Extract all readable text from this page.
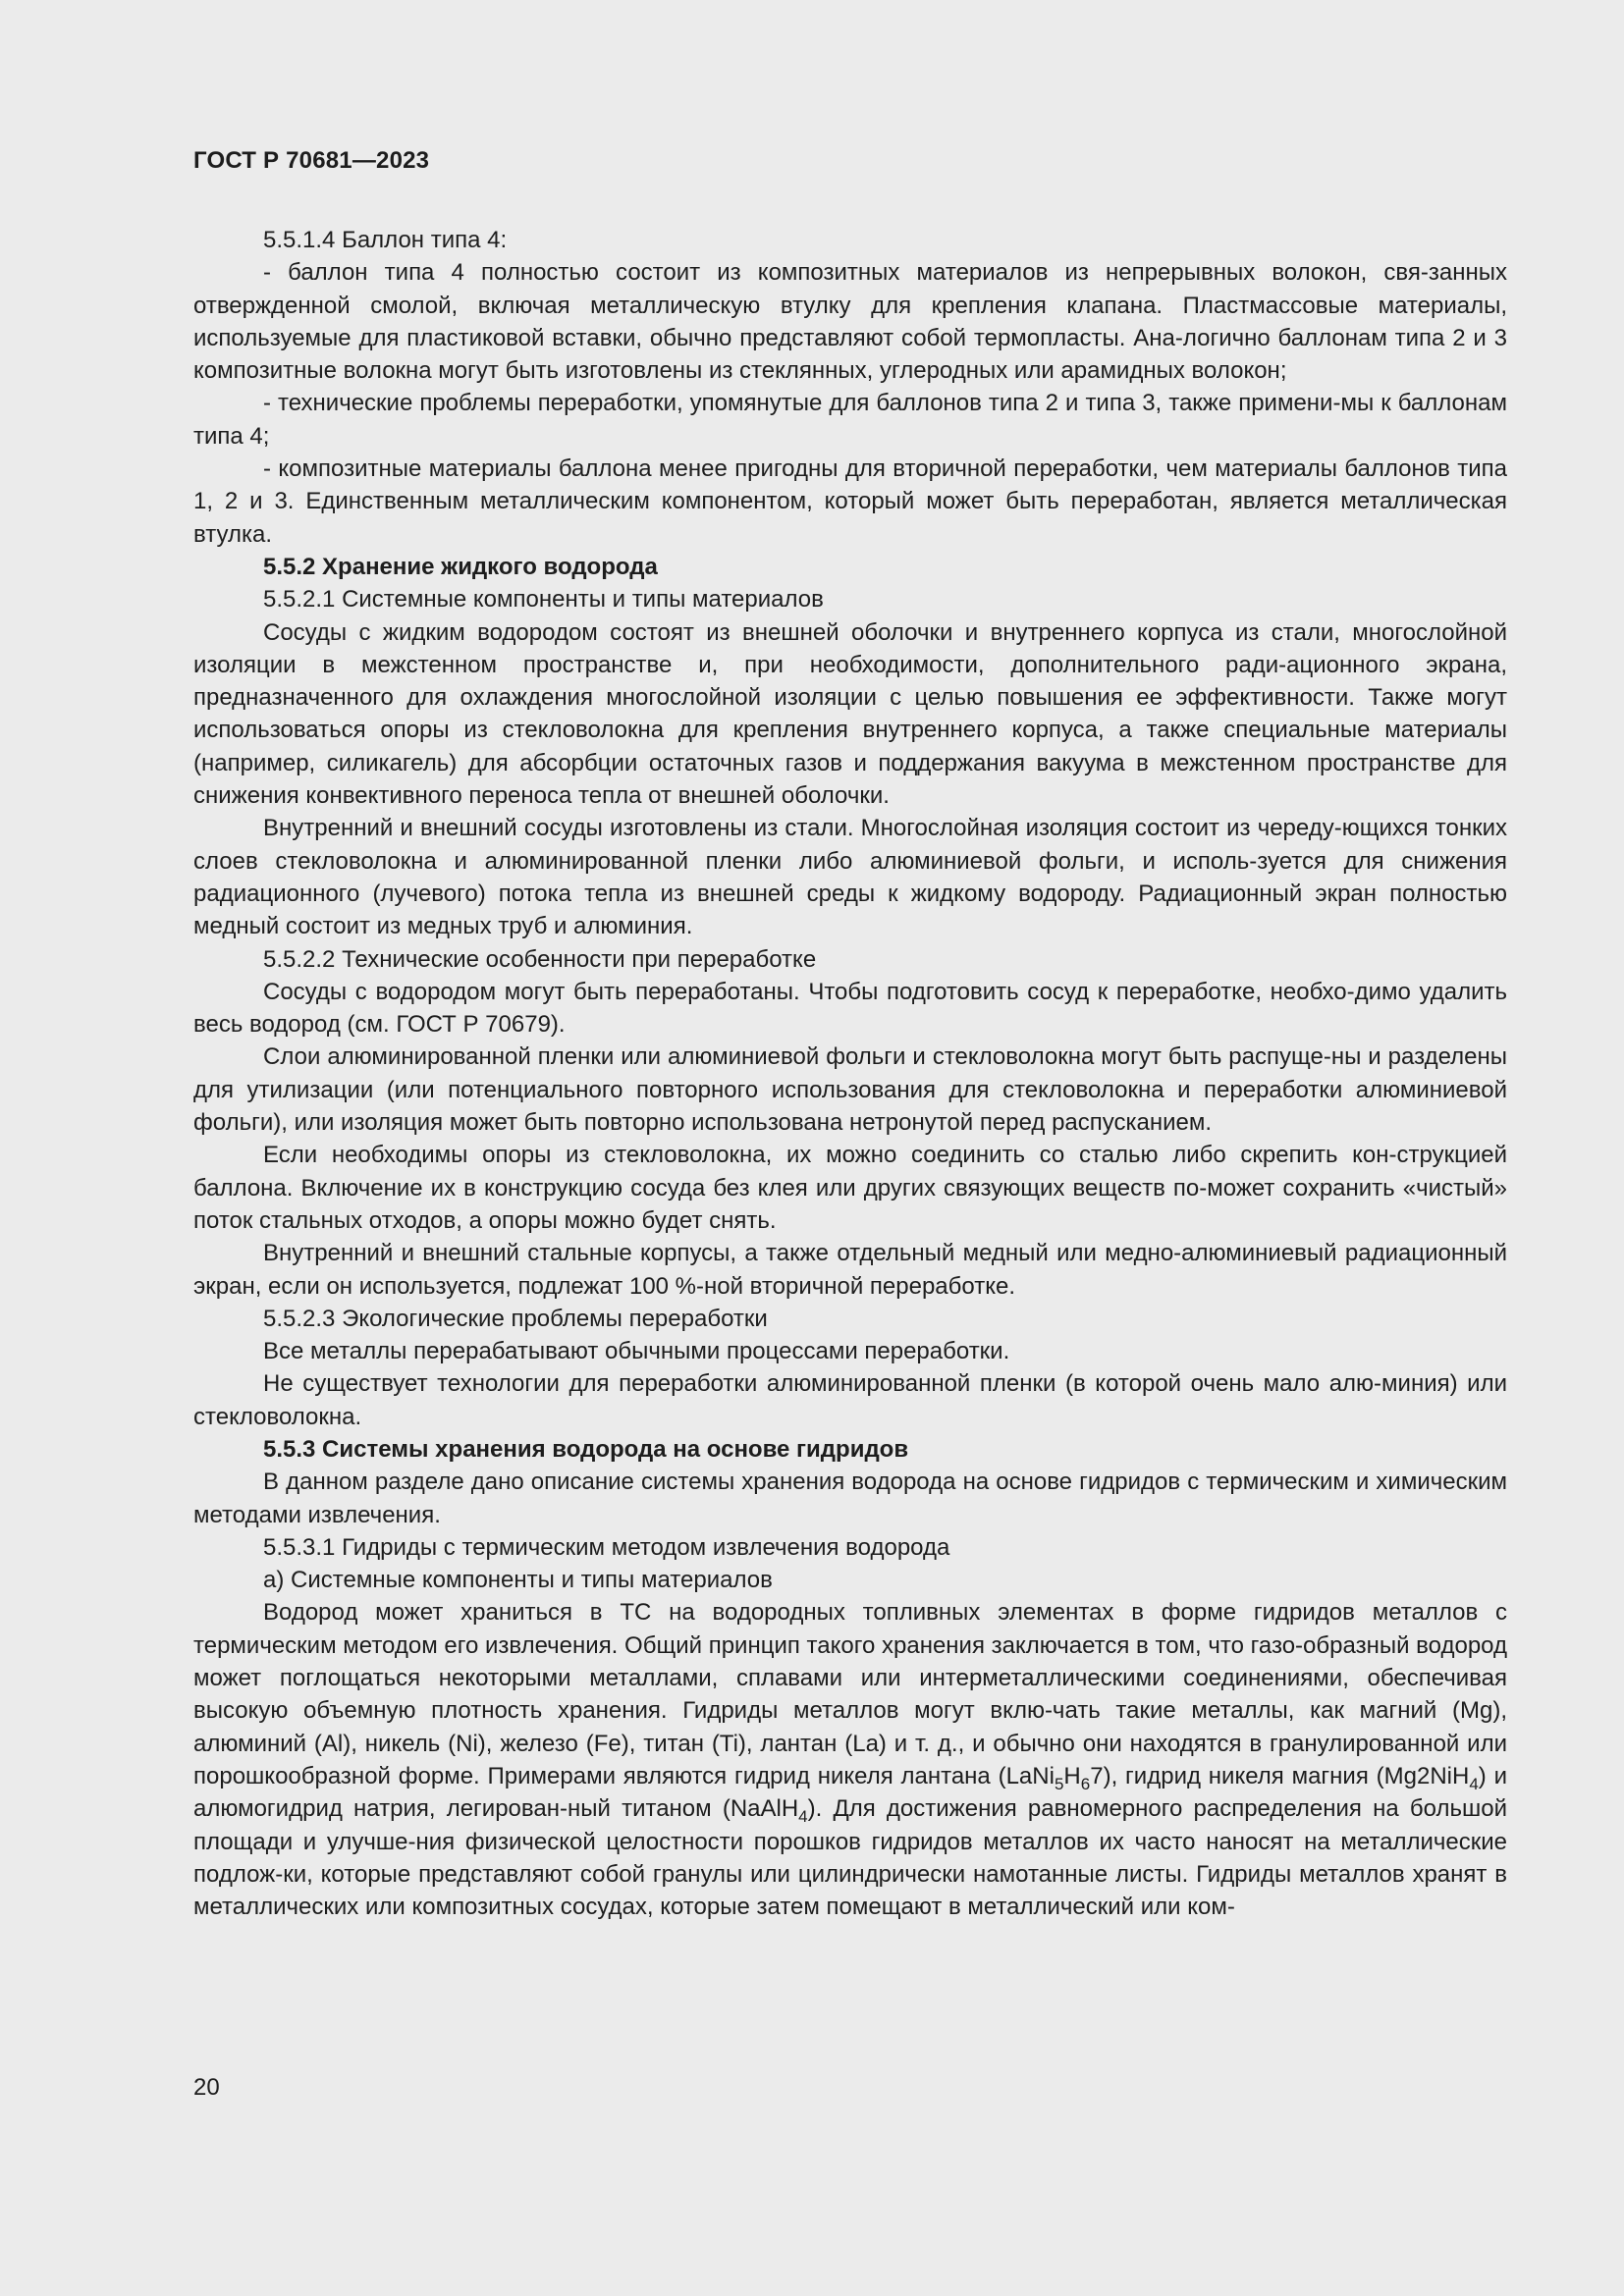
ГОСТ Р 70681—2023

5.5.1.4 Баллон типа 4:

- баллон типа 4 полностью состоит из композитных материалов из непрерывных волокон, свя-занных отвержденной смолой, включая металлическую втулку для крепления клапана. Пластмассовые материалы, используемые для пластиковой вставки, обычно представляют собой термопласты. Ана-логично баллонам типа 2 и 3 композитные волокна могут быть изготовлены из стеклянных, углеродных или арамидных волокон;

- технические проблемы переработки, упомянутые для баллонов типа 2 и типа 3, также примени-мы к баллонам типа 4;

- композитные материалы баллона менее пригодны для вторичной переработки, чем материалы баллонов типа 1, 2 и 3. Единственным металлическим компонентом, который может быть переработан, является металлическая втулка.

5.5.2 Хранение жидкого водорода

5.5.2.1 Системные компоненты и типы материалов

Сосуды с жидким водородом состоят из внешней оболочки и внутреннего корпуса из стали, многослойной изоляции в межстенном пространстве и, при необходимости, дополнительного ради-ационного экрана, предназначенного для охлаждения многослойной изоляции с целью повышения ее эффективности. Также могут использоваться опоры из стекловолокна для крепления внутреннего корпуса, а также специальные материалы (например, силикагель) для абсорбции остаточных газов и поддержания вакуума в межстенном пространстве для снижения конвективного переноса тепла от внешней оболочки.

Внутренний и внешний сосуды изготовлены из стали. Многослойная изоляция состоит из череду-ющихся тонких слоев стекловолокна и алюминированной пленки либо алюминиевой фольги, и исполь-зуется для снижения радиационного (лучевого) потока тепла из внешней среды к жидкому водороду. Радиационный экран полностью медный состоит из медных труб и алюминия.

5.5.2.2 Технические особенности при переработке

Сосуды с водородом могут быть переработаны. Чтобы подготовить сосуд к переработке, необхо-димо удалить весь водород (см. ГОСТ Р 70679).

Слои алюминированной пленки или алюминиевой фольги и стекловолокна могут быть распуще-ны и разделены для утилизации (или потенциального повторного использования для стекловолокна и переработки алюминиевой фольги), или изоляция может быть повторно использована нетронутой перед распусканием.

Если необходимы опоры из стекловолокна, их можно соединить со сталью либо скрепить кон-струкцией баллона. Включение их в конструкцию сосуда без клея или других связующих веществ по-может сохранить «чистый» поток стальных отходов, а опоры можно будет снять.

Внутренний и внешний стальные корпусы, а также отдельный медный или медно-алюминиевый радиационный экран, если он используется, подлежат 100 %-ной вторичной переработке.

5.5.2.3 Экологические проблемы переработки

Все металлы перерабатывают обычными процессами переработки.

Не существует технологии для переработки алюминированной пленки (в которой очень мало алю-миния) или стекловолокна.

5.5.3 Системы хранения водорода на основе гидридов

В данном разделе дано описание системы хранения водорода на основе гидридов с термическим и химическим методами извлечения.

5.5.3.1 Гидриды с термическим методом извлечения водорода

а) Системные компоненты и типы материалов

Водород может храниться в ТС на водородных топливных элементах в форме гидридов металлов с термическим методом его извлечения. Общий принцип такого хранения заключается в том, что газо-образный водород может поглощаться некоторыми металлами, сплавами или интерметаллическими соединениями, обеспечивая высокую объемную плотность хранения. Гидриды металлов могут вклю-чать такие металлы, как магний (Mg), алюминий (Al), никель (Ni), железо (Fe), титан (Ti), лантан (La) и т. д., и обычно они находятся в гранулированной или порошкообразной форме. Примерами являются гидрид никеля лантана $(LaNi_5H_67)$, гидрид никеля магния (Mg2NiH$_4$) и алюмогидрид натрия, легирован-ный титаном (NaAlH$_4$). Для достижения равномерного распределения на большой площади и улучше-ния физической целостности порошков гидридов металлов их часто наносят на металлические подлож-ки, которые представляют собой гранулы или цилиндрически намотанные листы. Гидриды металлов хранят в металлических или композитных сосудах, которые затем помещают в металлический или ком-

20
